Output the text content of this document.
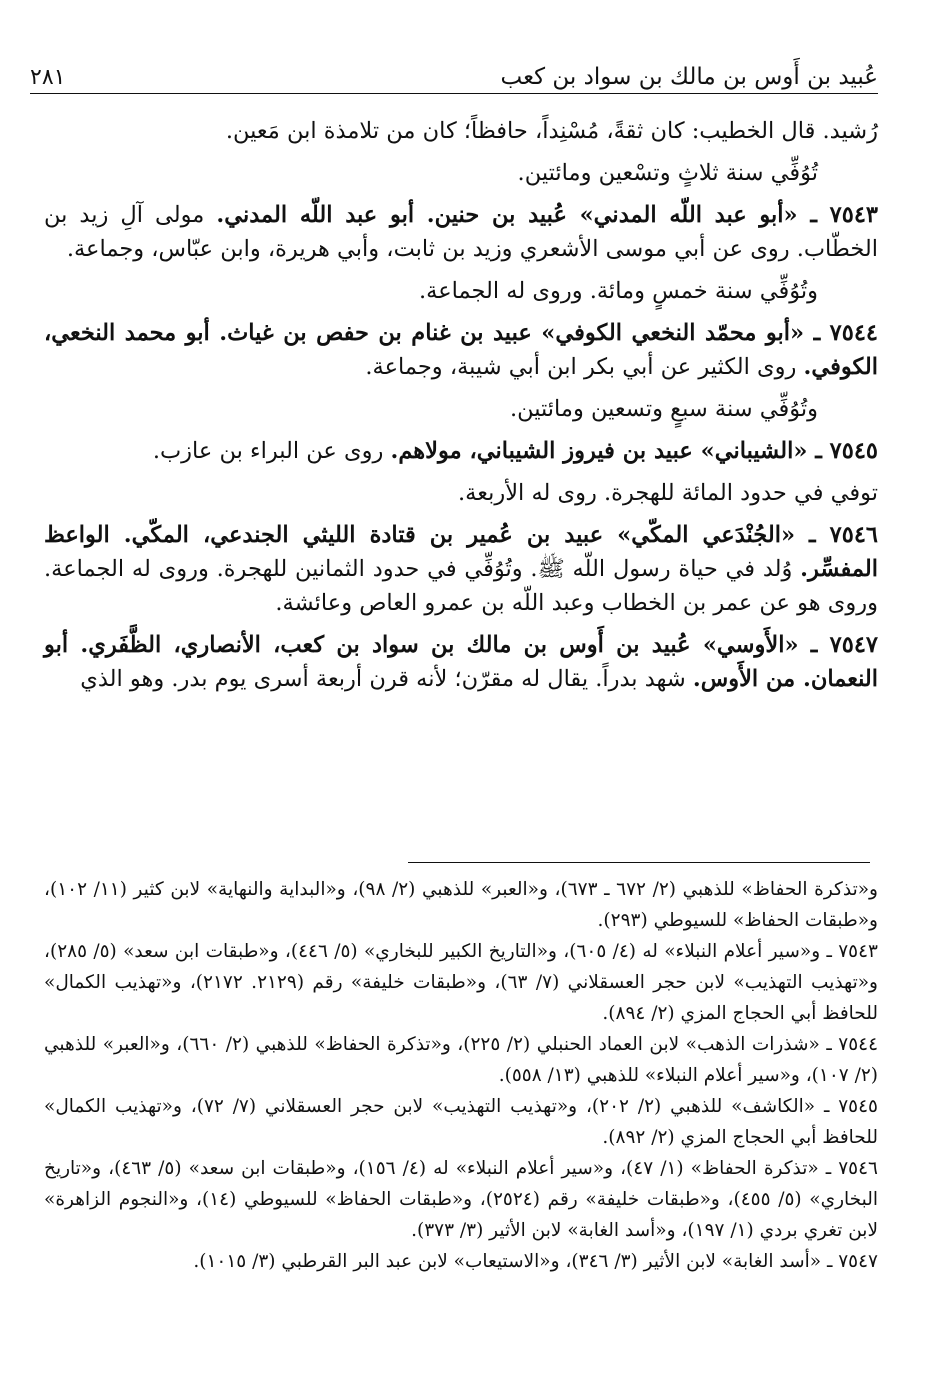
عُبيد بن أَوس بن مالك بن سواد بن كعب
٢٨١

رُشيد. قال الخطيب: كان ثقةً، مُسْنِداً، حافظاً؛ كان من تلامذة ابن مَعين.

تُوُفِّي سنة ثلاثٍ وتسْعين ومائتين.

٧٥٤٣ ـ «أبو عبد اللّه المدني» عُبيد بن حنين. أبو عبد اللّه المدني. مولى آلِ زيد بن الخطّاب. روى عن أبي موسى الأشعري وزيد بن ثابت، وأبي هريرة، وابن عبّاس، وجماعة.

وتُوُفِّي سنة خمسٍ ومائة. وروى له الجماعة.

٧٥٤٤ ـ «أبو محمّد النخعي الكوفي» عبيد بن غنام بن حفص بن غياث. أبو محمد النخعي، الكوفي. روى الكثير عن أبي بكر ابن أبي شيبة، وجماعة.

وتُوُفِّي سنة سبعٍ وتسعين ومائتين.

٧٥٤٥ ـ «الشيباني» عبيد بن فيروز الشيباني، مولاهم. روى عن البراء بن عازب.

توفي في حدود المائة للهجرة. روى له الأربعة.

٧٥٤٦ ـ «الجُنْدَعي المكّي» عبيد بن عُمير بن قتادة الليثي الجندعي، المكّي. الواعظ المفسِّر. وُلد في حياة رسول اللّه ﷺ. وتُوُفِّي في حدود الثمانين للهجرة. وروى له الجماعة. وروى هو عن عمر بن الخطاب وعبد اللّه بن عمرو العاص وعائشة.

٧٥٤٧ ـ «الأَوسي» عُبيد بن أَوس بن مالك بن سواد بن كعب، الأنصاري، الظَّفَري. أبو النعمان. من الأَوس. شهد بدراً. يقال له مقرّن؛ لأنه قرن أربعة أسرى يوم بدر. وهو الذي

و«تذكرة الحفاظ» للذهبي (٢/ ٦٧٢ ـ ٦٧٣)، و«العبر» للذهبي (٢/ ٩٨)، و«البداية والنهاية» لابن كثير (١١/ ١٠٢)، و«طبقات الحفاظ» للسيوطي (٢٩٣).

٧٥٤٣ ـ و«سير أعلام النبلاء» له (٤/ ٦٠٥)، و«التاريخ الكبير للبخاري» (٥/ ٤٤٦)، و«طبقات ابن سعد» (٥/ ٢٨٥)، و«تهذيب التهذيب» لابن حجر العسقلاني (٧/ ٦٣)، و«طبقات خليفة» رقم (٢١٢٩. ٢١٧٢)، و«تهذيب الكمال» للحافظ أبي الحجاج المزي (٢/ ٨٩٤).

٧٥٤٤ ـ «شذرات الذهب» لابن العماد الحنبلي (٢/ ٢٢٥)، و«تذكرة الحفاظ» للذهبي (٢/ ٦٦٠)، و«العبر» للذهبي (٢/ ١٠٧)، و«سير أعلام النبلاء» للذهبي (١٣/ ٥٥٨).

٧٥٤٥ ـ «الكاشف» للذهبي (٢/ ٢٠٢)، و«تهذيب التهذيب» لابن حجر العسقلاني (٧/ ٧٢)، و«تهذيب الكمال» للحافظ أبي الحجاج المزي (٢/ ٨٩٢).

٧٥٤٦ ـ «تذكرة الحفاظ» (١/ ٤٧)، و«سير أعلام النبلاء» له (٤/ ١٥٦)، و«طبقات ابن سعد» (٥/ ٤٦٣)، و«تاريخ البخاري» (٥/ ٤٥٥)، و«طبقات خليفة» رقم (٢٥٢٤)، و«طبقات الحفاظ» للسيوطي (١٤)، و«النجوم الزاهرة» لابن تغري بردي (١/ ١٩٧)، و«أسد الغابة» لابن الأثير (٣/ ٣٧٣).

٧٥٤٧ ـ «أسد الغابة» لابن الأثير (٣/ ٣٤٦)، و«الاستيعاب» لابن عبد البر القرطبي (٣/ ١٠١٥).
